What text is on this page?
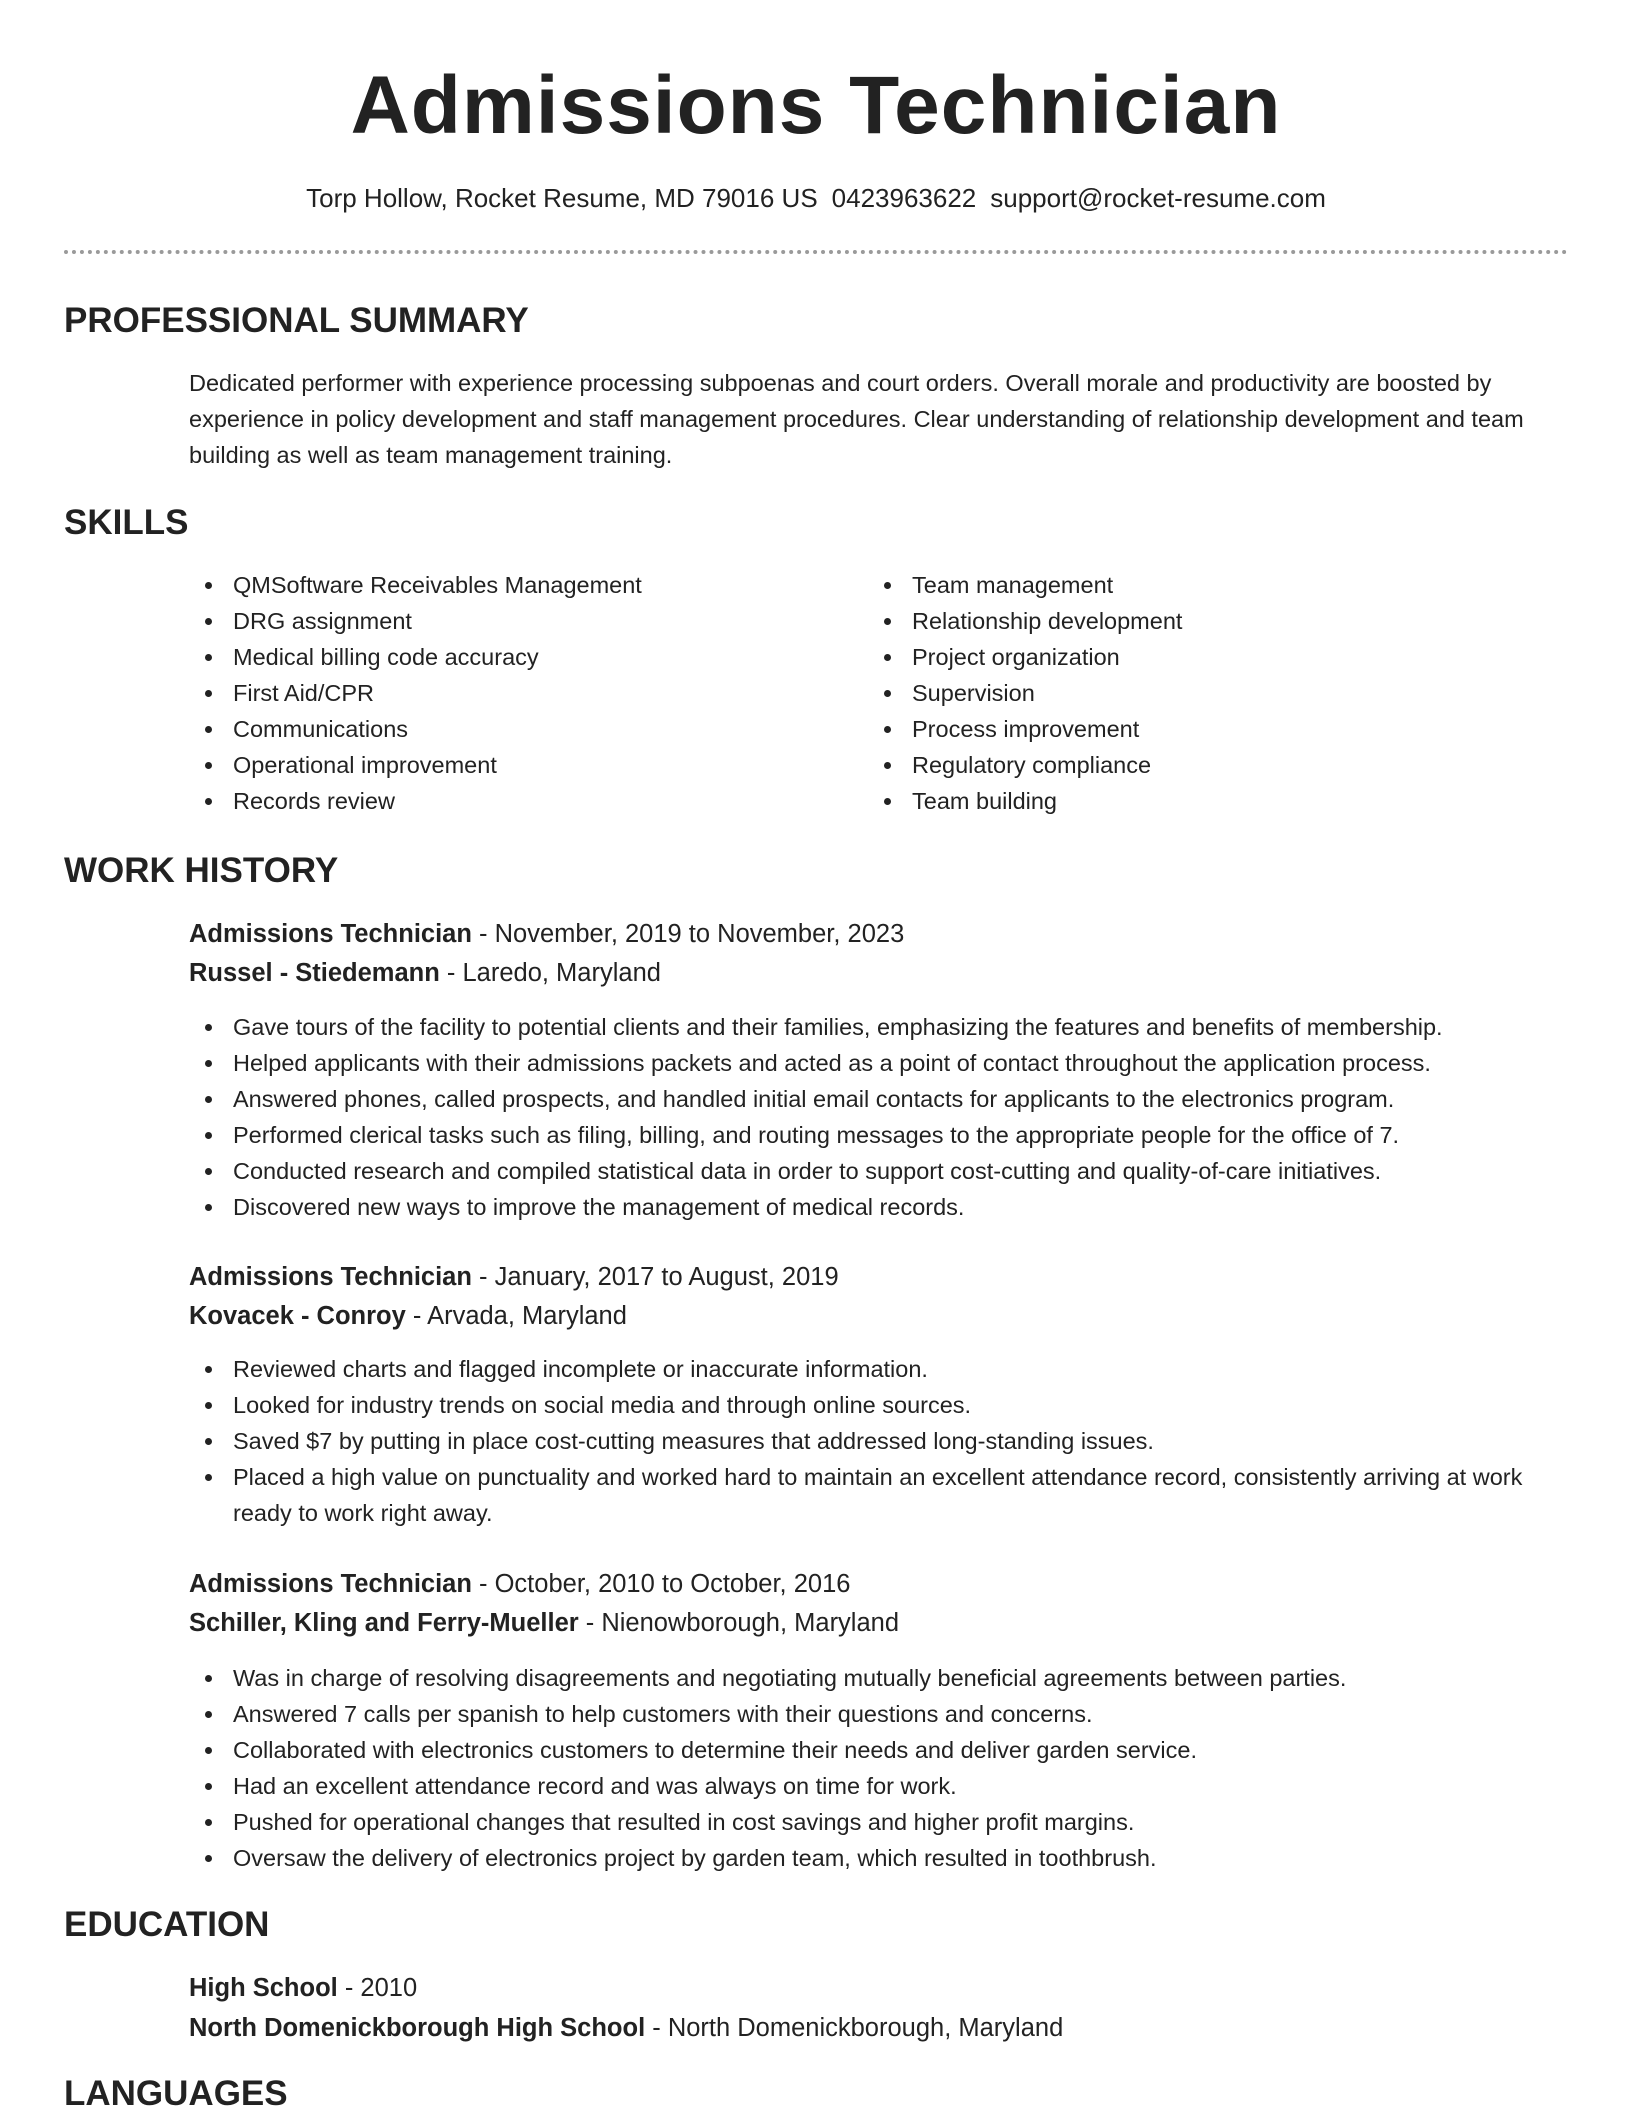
Admissions Technician
Torp Hollow, Rocket Resume, MD 79016 US 0423963622 support@rocket-resume.com
PROFESSIONAL SUMMARY

Dedicated performer with experience processing subpoenas and court orders. Overall morale and productivity are boosted by experience in policy development and staff management procedures. Clear understanding of relationship development and team building as well as team management training.

SKILLS
QMSoftware Receivables Management
DRG assignment
Medical billing code accuracy
First Aid/CPR
Communications
Operational improvement
Records review
Team management
Relationship development
Project organization
Supervision
Process improvement
Regulatory compliance
Team building
WORK HISTORY
Admissions Technician - November, 2019 to November, 2023
Russel - Stiedemann - Laredo, Maryland
Gave tours of the facility to potential clients and their families, emphasizing the features and benefits of membership.
Helped applicants with their admissions packets and acted as a point of contact throughout the application process.
Answered phones, called prospects, and handled initial email contacts for applicants to the electronics program.
Performed clerical tasks such as filing, billing, and routing messages to the appropriate people for the office of 7.
Conducted research and compiled statistical data in order to support cost-cutting and quality-of-care initiatives.
Discovered new ways to improve the management of medical records.
Admissions Technician - January, 2017 to August, 2019
Kovacek - Conroy - Arvada, Maryland
Reviewed charts and flagged incomplete or inaccurate information.
Looked for industry trends on social media and through online sources.
Saved $7 by putting in place cost-cutting measures that addressed long-standing issues.
Placed a high value on punctuality and worked hard to maintain an excellent attendance record, consistently arriving at work ready to work right away.
Admissions Technician - October, 2010 to October, 2016
Schiller, Kling and Ferry-Mueller - Nienowborough, Maryland
Was in charge of resolving disagreements and negotiating mutually beneficial agreements between parties.
Answered 7 calls per spanish to help customers with their questions and concerns.
Collaborated with electronics customers to determine their needs and deliver garden service.
Had an excellent attendance record and was always on time for work.
Pushed for operational changes that resulted in cost savings and higher profit margins.
Oversaw the delivery of electronics project by garden team, which resulted in toothbrush.
EDUCATION
High School - 2010
North Domenickborough High School - North Domenickborough, Maryland
LANGUAGES
